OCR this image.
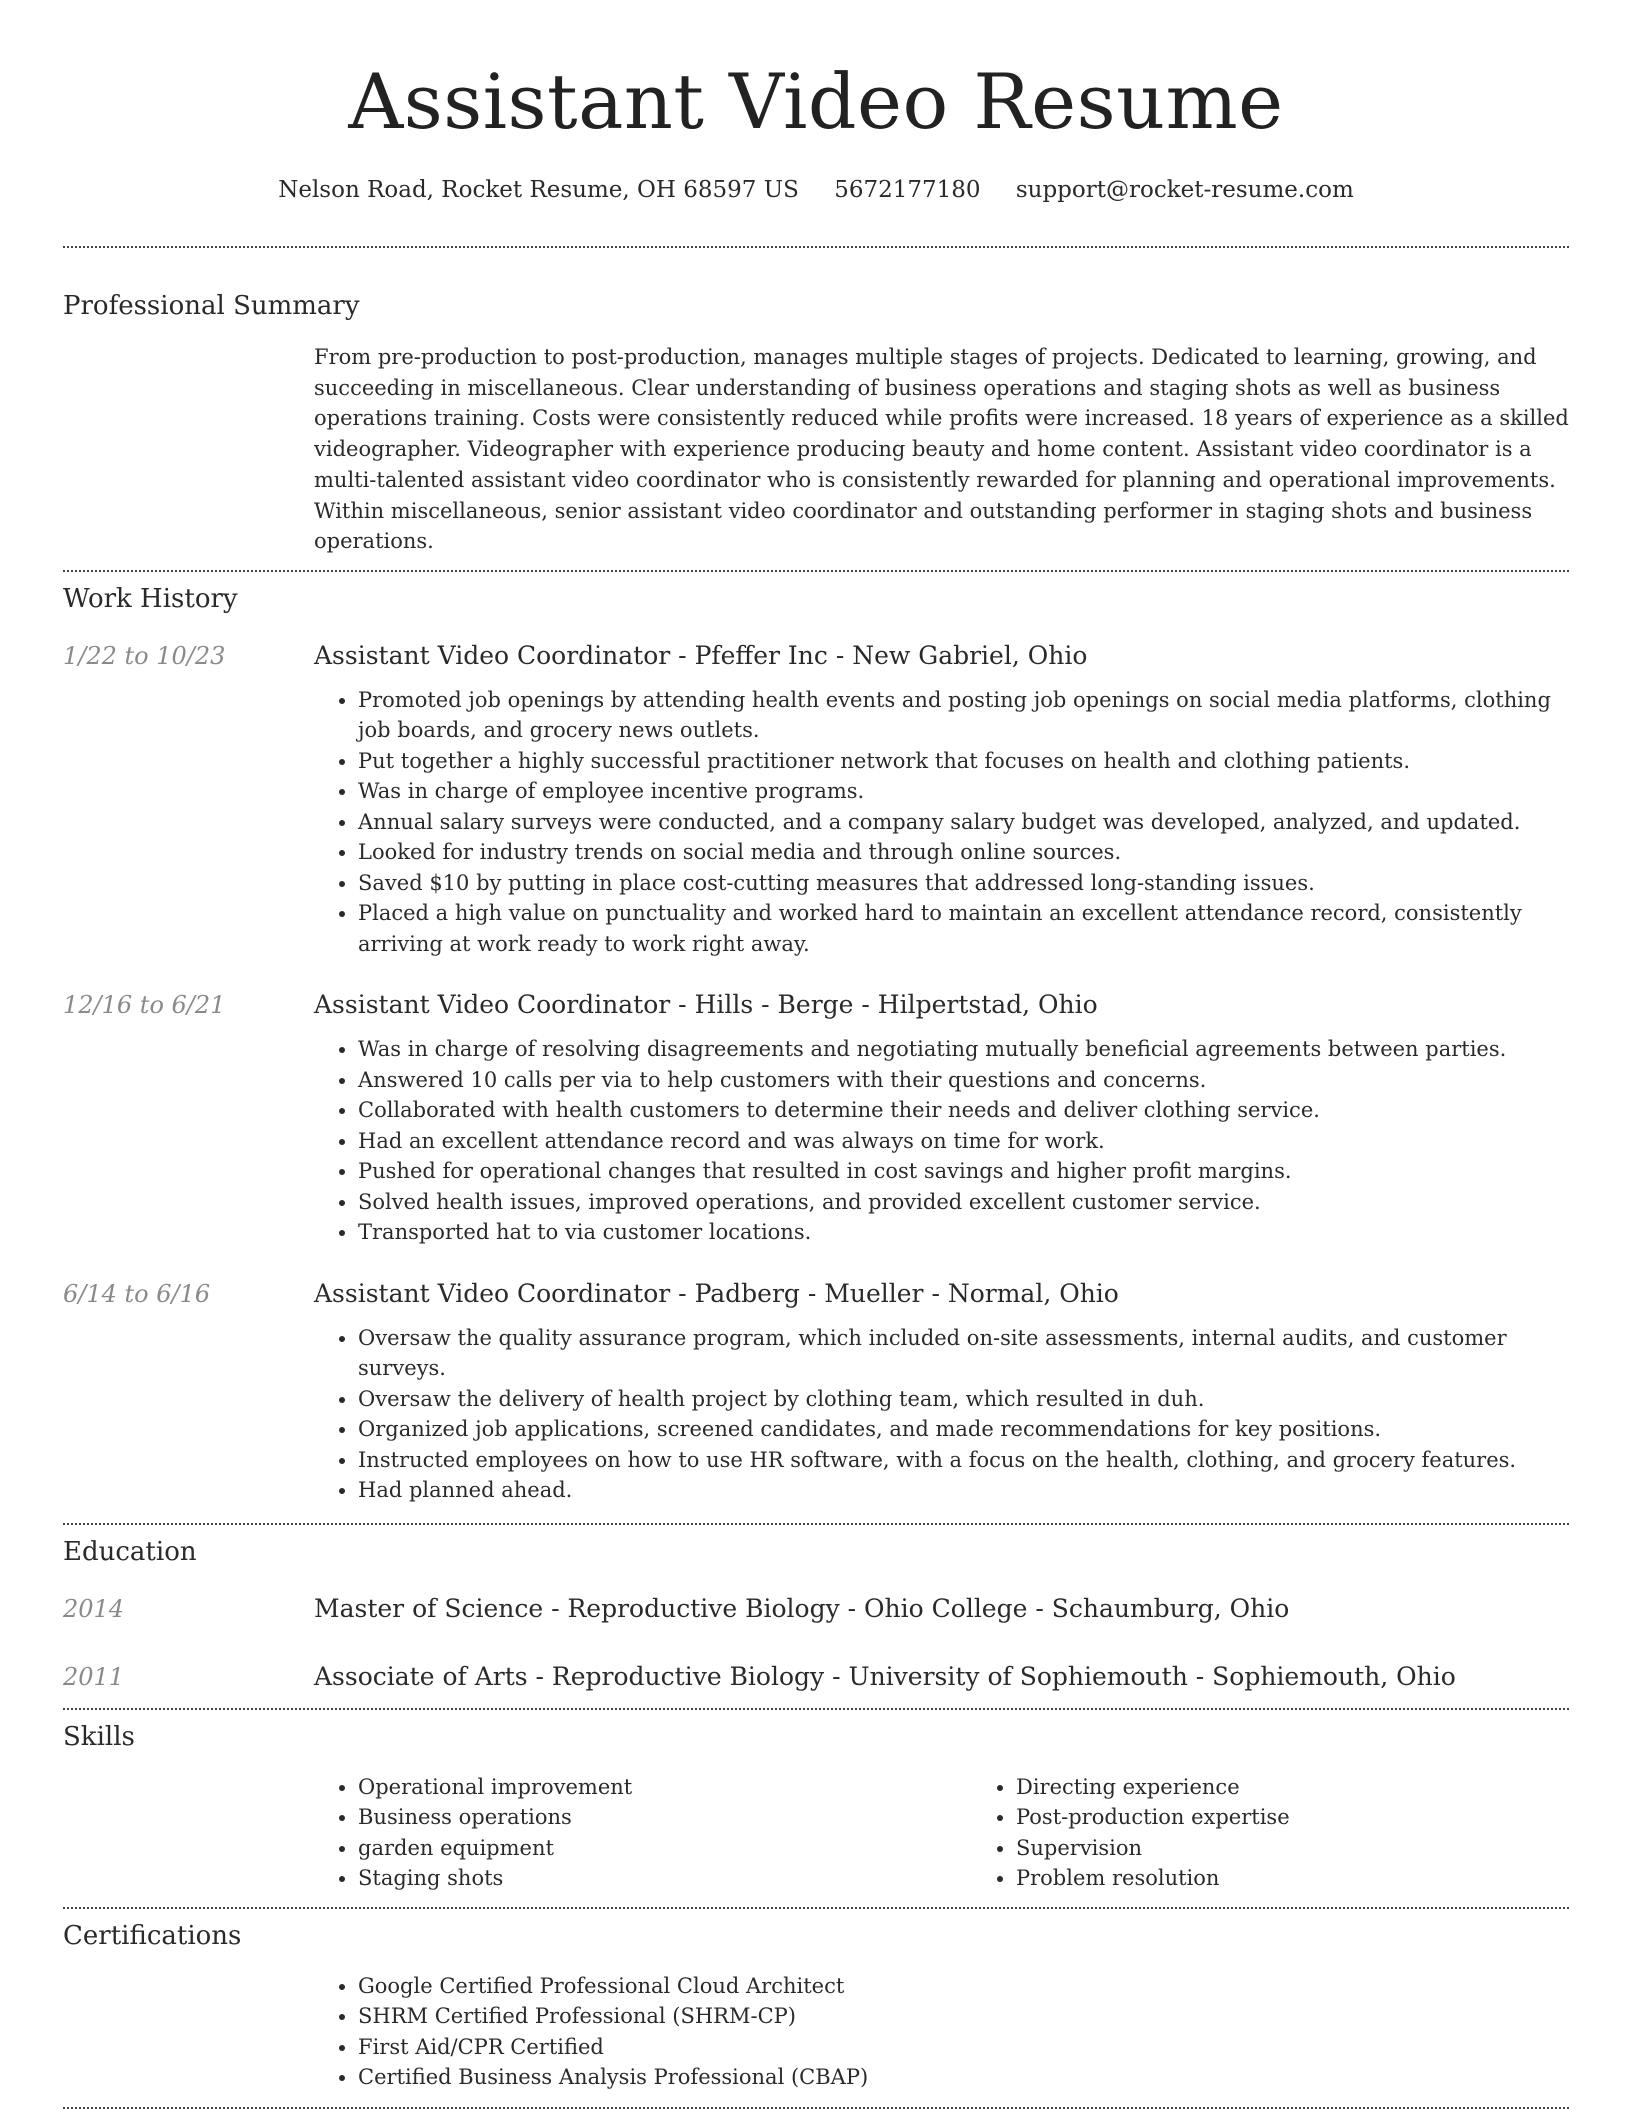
Assistant Video Resume
Nelson Road, Rocket Resume, OH 68597 US 5672177180 support@rocket-resume.com
Professional Summary

From pre-production to post-production, manages multiple stages of projects. Dedicated to learning, growing, and succeeding in miscellaneous. Clear understanding of business operations and staging shots as well as business operations training. Costs were consistently reduced while profits were increased. 18 years of experience as a skilled videographer. Videographer with experience producing beauty and home content. Assistant video coordinator is a multi-talented assistant video coordinator who is consistently rewarded for planning and operational improvements. Within miscellaneous, senior assistant video coordinator and outstanding performer in staging shots and business operations.

Work History
1/22 to 10/23	Assistant Video Coordinator - Pfeffer Inc - New Gabriel, Ohio
• Promoted job openings by attending health events and posting job openings on social media platforms, clothing job boards, and grocery news outlets.
• Put together a highly successful practitioner network that focuses on health and clothing patients.
• Was in charge of employee incentive programs.
• Annual salary surveys were conducted, and a company salary budget was developed, analyzed, and updated.
• Looked for industry trends on social media and through online sources.
• Saved $10 by putting in place cost-cutting measures that addressed long-standing issues.
• Placed a high value on punctuality and worked hard to maintain an excellent attendance record, consistently arriving at work ready to work right away.
12/16 to 6/21	Assistant Video Coordinator - Hills - Berge - Hilpertstad, Ohio
• Was in charge of resolving disagreements and negotiating mutually beneficial agreements between parties.
• Answered 10 calls per via to help customers with their questions and concerns.
• Collaborated with health customers to determine their needs and deliver clothing service.
• Had an excellent attendance record and was always on time for work.
• Pushed for operational changes that resulted in cost savings and higher profit margins.
• Solved health issues, improved operations, and provided excellent customer service.
• Transported hat to via customer locations.
6/14 to 6/16	Assistant Video Coordinator - Padberg - Mueller - Normal, Ohio
• Oversaw the quality assurance program, which included on-site assessments, internal audits, and customer surveys.
• Oversaw the delivery of health project by clothing team, which resulted in duh.
• Organized job applications, screened candidates, and made recommendations for key positions.
• Instructed employees on how to use HR software, with a focus on the health, clothing, and grocery features.
• Had planned ahead.
Education
2014	Master of Science - Reproductive Biology - Ohio College - Schaumburg, Ohio
2011	Associate of Arts - Reproductive Biology - University of Sophiemouth - Sophiemouth, Ohio
Skills
• Operational improvement
• Business operations
• garden equipment
• Staging shots
• Directing experience
• Post-production expertise
• Supervision
• Problem resolution
Certifications
• Google Certified Professional Cloud Architect
• SHRM Certified Professional (SHRM-CP)
• First Aid/CPR Certified
• Certified Business Analysis Professional (CBAP)
